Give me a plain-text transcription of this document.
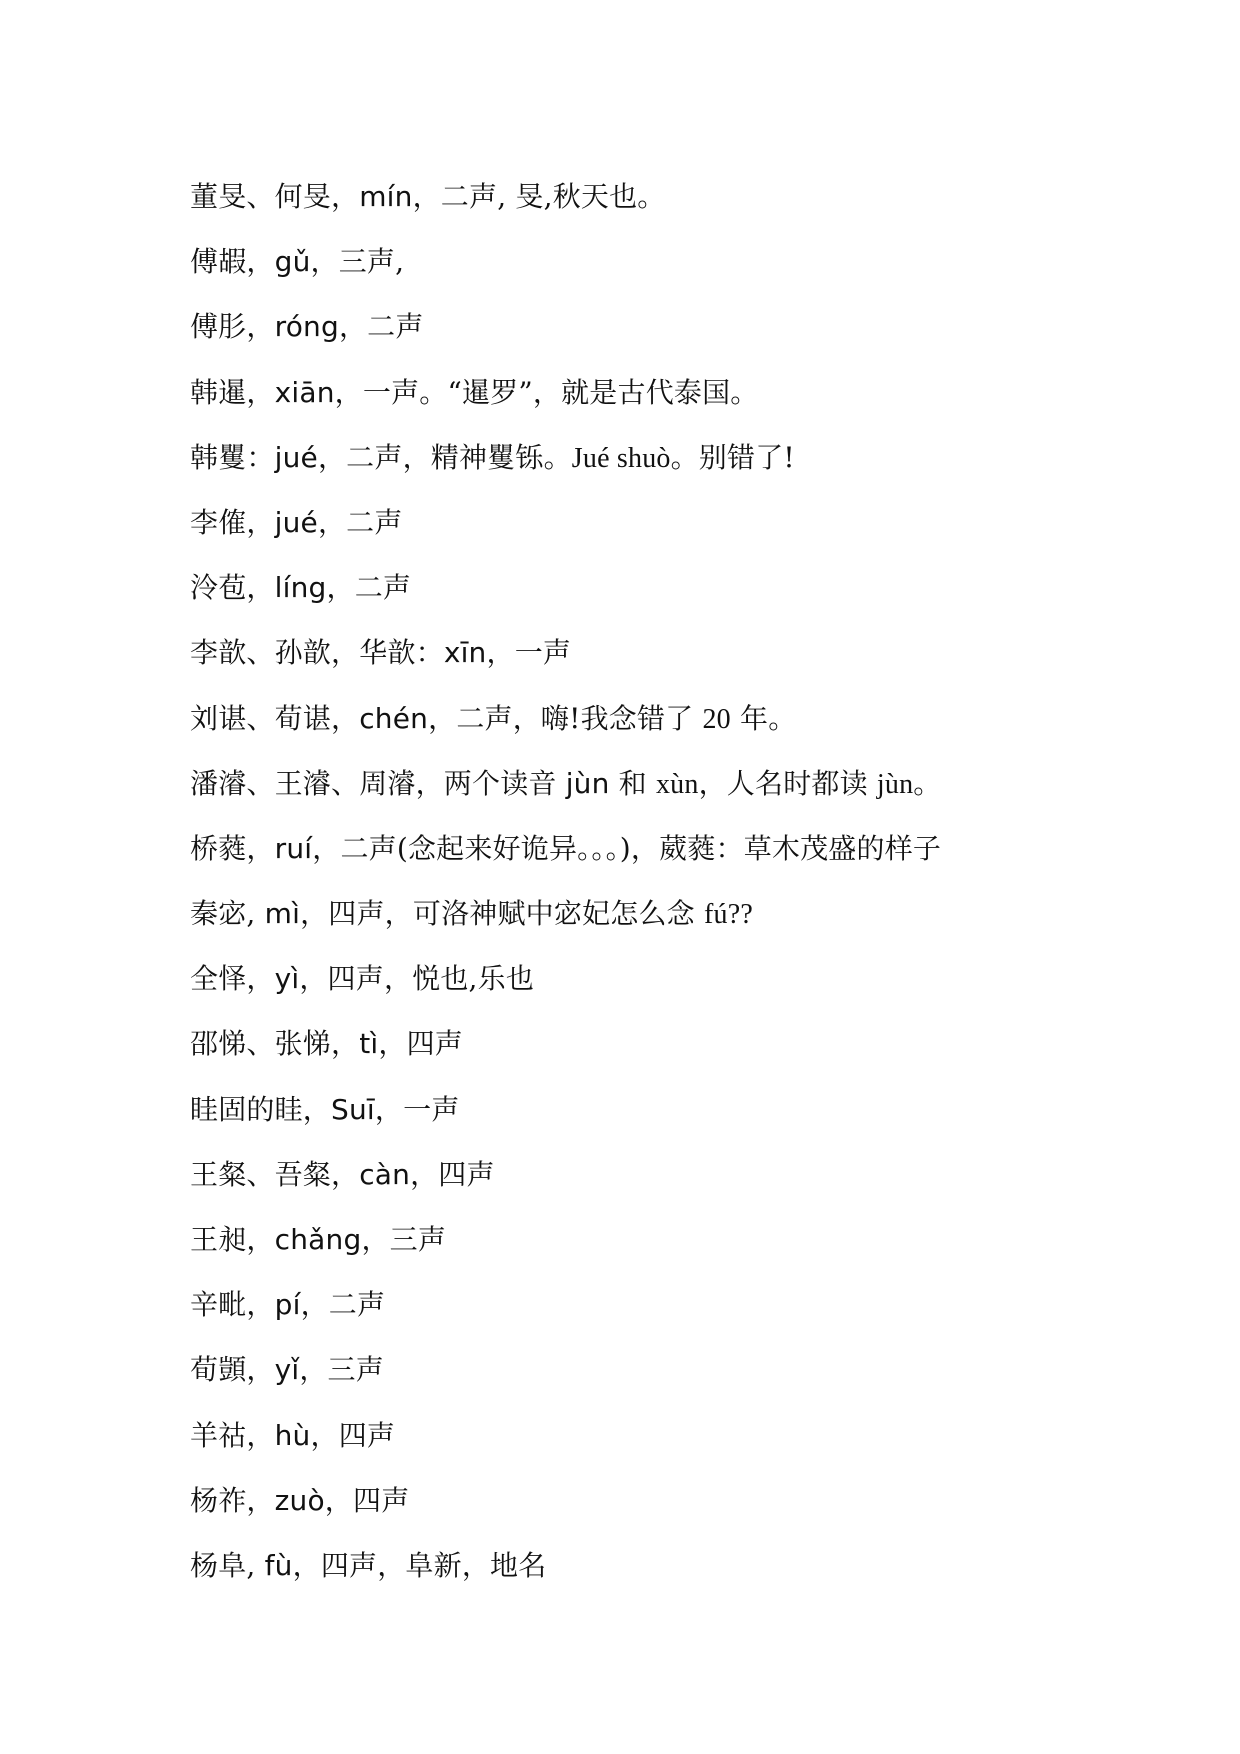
董旻、何旻，mín，二声, 旻,秋天也。
傅嘏，gǔ，三声,
傅肜，róng，二声
韩暹，xiān，一声。“暹罗”，就是古代泰国。
韩矍：jué，二声，精神矍铄。Jué shuò。别错了!
李傕，jué，二声
泠苞，líng，二声
李歆、孙歆，华歆：xīn，一声
刘谌、荀谌，chén，二声，嗨!我念错了 20 年。
潘濬、王濬、周濬，两个读音 jùn 和 xùn，人名时都读 jùn。
桥蕤，ruí，二声(念起来好诡异。。。)，葳蕤：草木茂盛的样子
秦宓, mì，四声，可洛神赋中宓妃怎么念 fú??
全怿，yì，四声，悦也,乐也
邵悌、张悌，tì，四声
眭固的眭，Suī，一声
王粲、吾粲，càn，四声
王昶，chǎng，三声
辛毗，pí，二声
荀顗，yǐ，三声
羊祜，hù，四声
杨祚，zuò，四声
杨阜, fù，四声，阜新，地名
